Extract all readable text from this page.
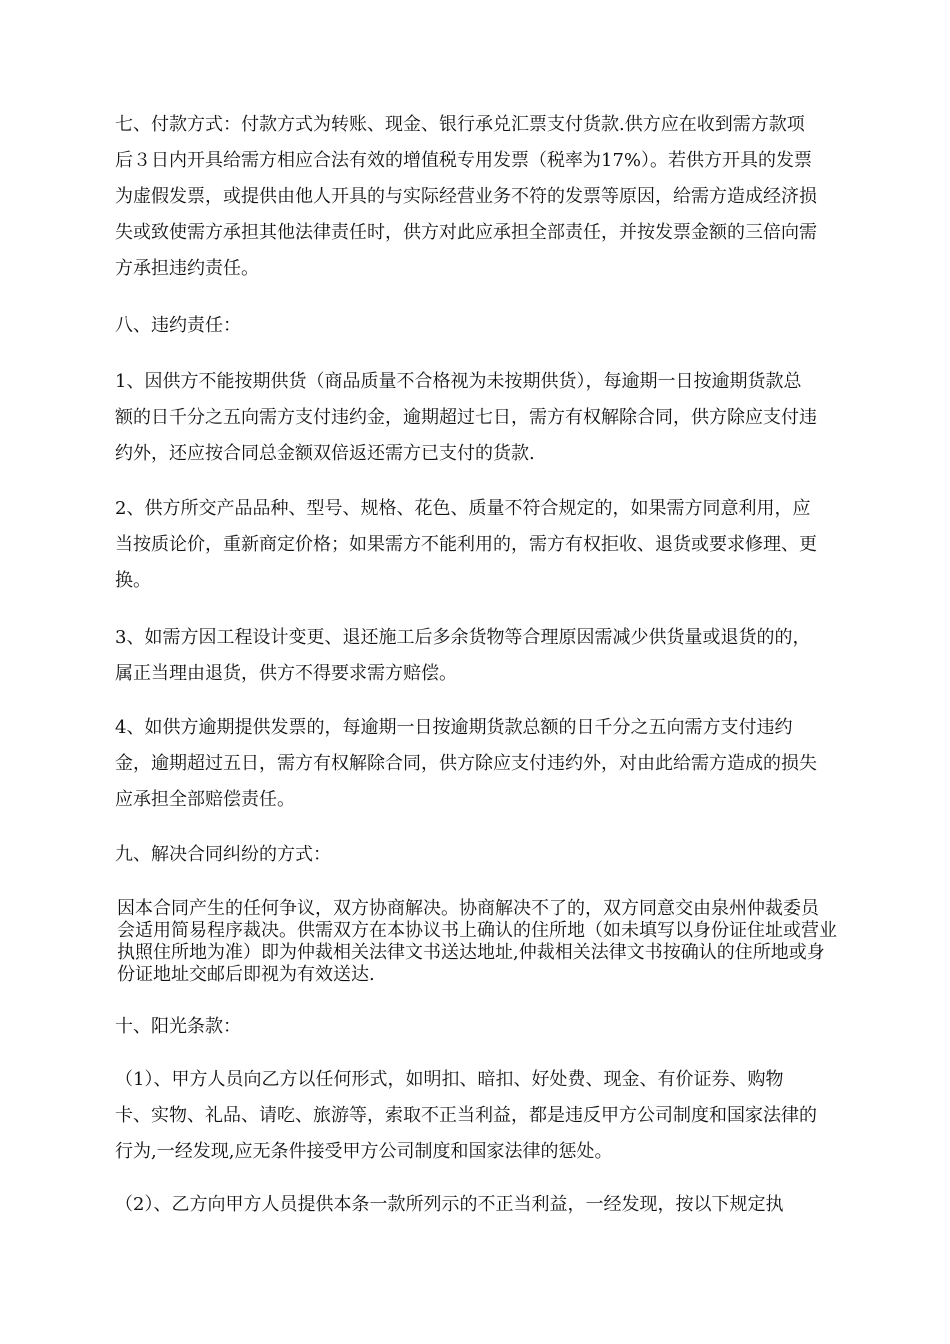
七、付款方式：付款方式为转账、现金、银行承兑汇票支付货款.供方应在收到需方款项
后３日内开具给需方相应合法有效的增值税专用发票（税率为17%）。若供方开具的发票
为虚假发票，或提供由他人开具的与实际经营业务不符的发票等原因，给需方造成经济损
失或致使需方承担其他法律责任时，供方对此应承担全部责任，并按发票金额的三倍向需
方承担违约责任。
八、违约责任：
1、因供方不能按期供货（商品质量不合格视为未按期供货），每逾期一日按逾期货款总
额的日千分之五向需方支付违约金，逾期超过七日，需方有权解除合同，供方除应支付违
约外，还应按合同总金额双倍返还需方已支付的货款.
2、供方所交产品品种、型号、规格、花色、质量不符合规定的，如果需方同意利用，应
当按质论价，重新商定价格；如果需方不能利用的，需方有权拒收、退货或要求修理、更
换。
3、如需方因工程设计变更、退还施工后多余货物等合理原因需减少供货量或退货的的，
属正当理由退货，供方不得要求需方赔偿。
4、如供方逾期提供发票的，每逾期一日按逾期货款总额的日千分之五向需方支付违约
金，逾期超过五日，需方有权解除合同，供方除应支付违约外，对由此给需方造成的损失
应承担全部赔偿责任。
九、解决合同纠纷的方式：
因本合同产生的任何争议，双方协商解决。协商解决不了的，双方同意交由泉州仲裁委员
会适用简易程序裁决。供需双方在本协议书上确认的住所地（如未填写以身份证住址或营业
执照住所地为准）即为仲裁相关法律文书送达地址,仲裁相关法律文书按确认的住所地或身
份证地址交邮后即视为有效送达.
十、阳光条款：
（1）、甲方人员向乙方以任何形式，如明扣、暗扣、好处费、现金、有价证券、购物
卡、实物、礼品、请吃、旅游等，索取不正当利益，都是违反甲方公司制度和国家法律的
行为,一经发现,应无条件接受甲方公司制度和国家法律的惩处。
（2）、乙方向甲方人员提供本条一款所列示的不正当利益，一经发现，按以下规定执
